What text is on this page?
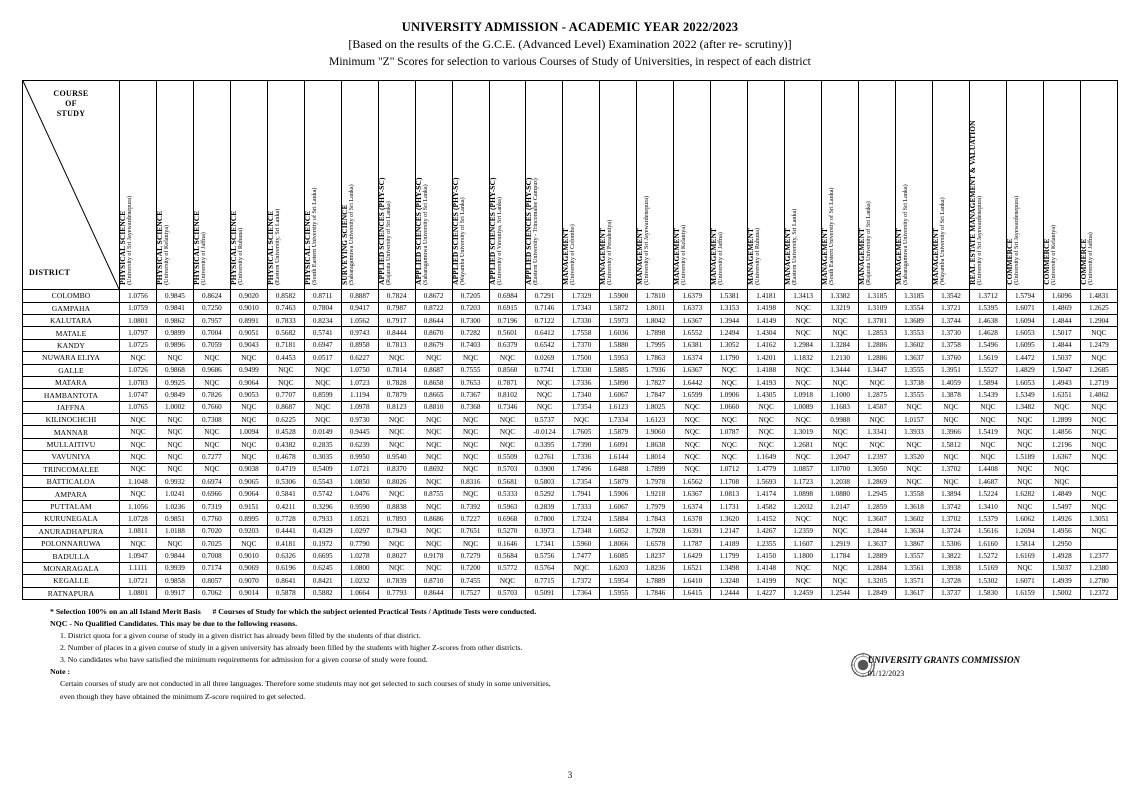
UNIVERSITY ADMISSION - ACADEMIC YEAR 2022/2023
[Based on the results of the G.C.E. (Advanced Level) Examination 2022 (after re- scrutiny)]
Minimum "Z" Scores for selection to various Courses of Study of Universities, in respect of each district
COURSE
OF
STUDY
DISTRICT	PHYSICAL SCIENCE (University of Sri Jayewardenepura)	PHYSICAL SCIENCE (University of Kelaniya)	PHYSICAL SCIENCE (University of Jaffna)	PHYSICAL SCIENCE (University of Ruhuna)	PHYSICAL SCIENCE (Eastern University, Sri Lanka)	PHYSICAL SCIENCE (South Eastern University of Sri Lanka)	SURVEYING SCIENCE (Sabaragamuwa University of Sri Lanka)	APPLIED SCIENCES (PHY-SC) (Rajarata University of Sri Lanka)	APPLIED SCIENCES (PHY-SC) (Sabaragamuwa University of Sri Lanka)	APPLIED SCIENCES (PHY-SC) (Wayamba University of Sri Lanka)	APPLIED SCIENCES (PHY-SC) (University of Vavuniya, Sri Lanka)	APPLIED SCIENCES (PHY-SC) (Eastern University - Trincomalee Campus)	MANAGEMENT (University of Colombo)	MANAGEMENT (University of Peradeniya)	MANAGEMENT (University of Sri Jayewardenepura)	MANAGEMENT (University of Kelaniya)	MANAGEMENT (University of Jaffna)	MANAGEMENT (University of Ruhuna)	MANAGEMENT (Eastern University, Sri Lanka)	MANAGEMENT (South Eastern University of Sri Lanka)	MANAGEMENT (Rajarata University of Sri Lanka)	MANAGEMENT (Sabaragamuwa University of Sri Lanka)	MANAGEMENT (Wayamba University of Sri Lanka)	REAL ESTATE MANAGEMENT & VALUATION (University of Sri Jayewardenepura)	COMMERCE (University of Sri Jayewardenepura)	COMMERCE (University of Kelaniya)	COMMERCE (University of Jaffna)

COLOMBO	1.0756	0.9845	0.8624	0.9020	0.8582	0.8711	0.8887	0.7824	0.8672	0.7205	0.6984	0.7291	1.7329	1.5900	1.7810	1.6379	1.5381	1.4181	1.3413	1.3382	1.3185	1.3185	1.3542	1.3712	1.5794	1.6096	1.4831
GAMPAHA	1.0759	0.9841	0.7250	0.9010	0.7463	0.7804	0.9417	0.7987	0.8722	0.7203	0.6915	0.7146	1.7343	1.5872	1.8011	1.6373	1.3153	1.4198	NQC	1.3219	1.3109	1.3554	1.3721	1.5395	1.6071	1.4869	1.2625
KALUTARA	1.0801	0.9862	0.7957	0.8991	0.7833	0.8234	1.0562	0.7917	0.8644	0.7300	0.7196	0.7122	1.7330	1.5973	1.8042	1.6367	1.3944	1.4149	NQC	NQC	1.3781	1.3689	1.3744	1.4638	1.6094	1.4844	1.2904
MATALE	1.0797	0.9899	0.7004	0.9051	0.5682	0.5741	0.9743	0.8444	0.8670	0.7282	0.5601	0.6412	1.7558	1.6036	1.7898	1.6552	1.2494	1.4304	NQC	NQC	1.2853	1.3553	1.3730	1.4628	1.6053	1.5017	NQC
KANDY	1.0725	0.9896	0.7059	0.9043	0.7181	0.6947	0.8958	0.7813	0.8679	0.7403	0.6379	0.6542	1.7370	1.5880	1.7995	1.6381	1.3052	1.4162	1.2984	1.3284	1.2886	1.3602	1.3758	1.5496	1.6095	1.4844	1.2479
NUWARA ELIYA	NQC	NQC	NQC	NQC	0.4453	0.0517	0.6227	NQC	NQC	NQC	NQC	0.0269	1.7500	1.5953	1.7863	1.6374	1.1790	1.4201	1.1832	1.2130	1.2886	1.3637	1.3760	1.5619	1.4472	1.5037	NQC
GALLE	1.0726	0.9868	0.9686	0.9499	NQC	NQC	1.0750	0.7814	0.8687	0.7555	0.8560	0.7741	1.7330	1.5885	1.7936	1.6367	NQC	1.4188	NQC	1.3444	1.3447	1.3555	1.3951	1.5527	1.4829	1.5047	1.2685
MATARA	1.0783	0.9925	NQC	0.9064	NQC	NQC	1.0723	0.7828	0.8658	0.7653	0.7871	NQC	1.7336	1.5890	1.7827	1.6442	NQC	1.4193	NQC	NQC	NQC	1.3738	1.4059	1.5894	1.6053	1.4943	1.2719
HAMBANTOTA	1.0747	0.9849	0.7826	0.9053	0.7707	0.8599	1.1194	0.7879	0.8665	0.7367	0.8102	NQC	1.7340	1.6067	1.7847	1.6599	1.0906	1.4305	1.0918	1.1000	1.2875	1.3555	1.3878	1.5439	1.5349	1.6351	1.4862
JAFFNA	1.0765	1.0002	0.7660	NQC	0.8687	NQC	1.0978	0.8123	0.8810	0.7368	0.7346	NQC	1.7354	1.6123	1.8025	NQC	1.0660	NQC	1.0089	1.1683	1.4507	NQC	NQC	NQC	1.3482	NQC	NQC
KILINOCHCHI	NQC	NQC	0.7308	NQC	0.6225	NQC	0.9730	NQC	NQC	NQC	NQC	0.5737	NQC	1.7334	1.6123	NQC	NQC	NQC	NQC	0.9988	NQC	1.0157	NQC	NQC	NQC	1.2899	NQC
MANNAR	NQC	NQC	NQC	1.0094	0.4528	0.0149	0.9445	NQC	NQC	NQC	NQC	-0.0124	1.7605	1.5879	1.9060	NQC	1.0787	NQC	1.3019	NQC	1.3341	1.3933	1.3966	1.5419	NQC	1.4856	NQC
MULLAITIVU	NQC	NQC	NQC	NQC	0.4382	0.2835	0.6239	NQC	NQC	NQC	NQC	0.3395	1.7390	1.6091	1.8638	NQC	NQC	NQC	1.2681	NQC	NQC	NQC	1.5812	NQC	NQC	1.2196	NQC
VAVUNIYA	NQC	NQC	0.7277	NQC	0.4678	0.3035	0.9950	0.9540	NQC	NQC	0.5509	0.2761	1.7336	1.6144	1.8014	NQC	NQC	1.1649	NQC	1.2047	1.2397	1.3520	NQC	NQC	1.5189	1.6367	NQC
TRINCOMALEE	NQC	NQC	NQC	0.9038	0.4719	0.5409	1.0721	0.8370	0.8692	NQC	0.5703	0.3900	1.7496	1.6488	1.7899	NQC	1.0712	1.4779	1.0857	1.0700	1.3050	NQC	1.3702	1.4408	NQC	NQC	
BATTICALOA	1.1048	0.9932	0.6974	0.9065	0.5306	0.5543	1.0850	0.8026	NQC	0.8316	0.5681	0.5803	1.7354	1.5879	1.7978	1.6562	1.1708	1.5693	1.1723	1.2038	1.2869	NQC	NQC	1.4687	NQC	NQC	
AMPARA	NQC	1.0241	0.6966	0.9064	0.5841	0.5742	1.0476	NQC	0.8755	NQC	0.5333	0.5292	1.7941	1.5906	1.9218	1.6367	1.0813	1.4174	1.0898	1.0880	1.2945	1.3558	1.3894	1.5224	1.6282	1.4849	NQC
PUTTALAM	1.1056	1.0236	0.7319	0.9151	0.4211	0.3296	0.9590	0.8838	NQC	0.7392	0.5963	0.2839	1.7333	1.6067	1.7979	1.6374	1.1731	1.4582	1.2032	1.2147	1.2859	1.3618	1.3742	1.3410	NQC	1.5497	NQC
KURUNEGALA	1.0728	0.9851	0.7760	0.8995	0.7728	0.7933	1.0521	0.7893	0.8686	0.7227	0.6968	0.7800	1.7324	1.5884	1.7843	1.6378	1.3620	1.4152	NQC	NQC	1.3607	1.3602	1.3702	1.5379	1.6062	1.4926	1.3051
ANURADHAPURA	1.0811	1.0188	0.7020	0.9203	0.4441	0.4329	1.0297	0.7943	NQC	0.7651	0.5270	0.3973	1.7348	1.6052	1.7928	1.6391	1.2147	1.4267	1.2359	NQC	1.2844	1.3634	1.3724	1.5616	1.2694	1.4956	NQC
POLONNARUWA	NQC	NQC	0.7025	NQC	0.4181	0.1972	0.7790	NQC	NQC	NQC	0.1646	1.7341	1.5960	1.8066	1.6578	1.1787	1.4189	1.2355	1.1607	1.2919	1.3637	1.3867	1.5306	1.6160	1.5814	1.2950	
BADULLA	1.0947	0.9844	0.7008	0.9010	0.6326	0.6695	1.0278	0.8027	0.9178	0.7279	0.5684	0.5756	1.7477	1.6085	1.8237	1.6429	1.1799	1.4150	1.1800	1.1784	1.2889	1.3557	1.3822	1.5272	1.6169	1.4928	1.2377
MONARAGALA	1.1111	0.9939	0.7174	0.9069	0.6196	0.6245	1.0800	NQC	NQC	0.7200	0.5772	0.5764	NQC	1.6203	1.8236	1.6521	1.3498	1.4148	NQC	NQC	1.2884	1.3561	1.3938	1.5169	NQC	1.5037	1.2380
KEGALLE	1.0721	0.9858	0.8057	0.9070	0.8641	0.8421	1.0232	0.7839	0.8710	0.7455	NQC	0.7715	1.7372	1.5954	1.7889	1.6410	1.3248	1.4199	NQC	NQC	1.3205	1.3571	1.3728	1.5302	1.6071	1.4939	1.2780
RATNAPURA	1.0801	0.9917	0.7062	0.9014	0.5878	0.5882	1.0664	0.7793	0.8644	0.7527	0.5703	0.5091	1.7364	1.5955	1.7846	1.6415	1.2444	1.4227	1.2459	1.2544	1.2849	1.3617	1.3737	1.5830	1.6159	1.5002	1.2372
* Selection 100% on an all Island Merit Basis # Courses of Study for which the subject oriented Practical Tests / Aptitude Tests were conducted.
NQC - No Qualified Candidates. This may be due to the following reasons.
1. District quota for a given course of study in a given district has already been filled by the students of that district.
2. Number of places in a given course of study in a given university has already been filled by the students with higher Z-scores from other districts.
3. No candidates who have satisfied the minimum requirements for admission for a given course of study were found.
Note :
Certain courses of study are not conducted in all three languages. Therefore some students may not get selected to such courses of study in some universities,
even though they have obtained the minimum Z-score required to get selected.
UNIVERSITY GRANTS COMMISSION
01/12/2023
3
